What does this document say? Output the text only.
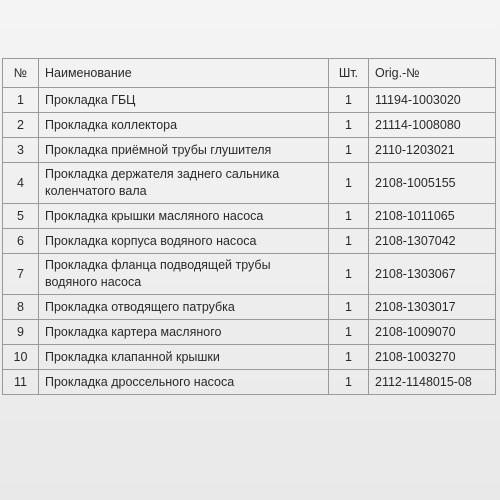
№	Наименование	Шт.	Orig.-№
1	Прокладка ГБЦ	1	11194-1003020
2	Прокладка коллектора	1	21114-1008080
3	Прокладка приёмной трубы глушителя	1	2110-1203021
4	Прокладка держателя заднего сальника коленчатого вала	1	2108-1005155
5	Прокладка крышки масляного насоса	1	2108-1011065
6	Прокладка корпуса водяного насоса	1	2108-1307042
7	Прокладка фланца подводящей трубы водяного насоса	1	2108-1303067
8	Прокладка отводящего патрубка	1	2108-1303017
9	Прокладка картера масляного	1	2108-1009070
10	Прокладка клапанной крышки	1	2108-1003270
11	Прокладка дроссельного насоса	1	2112-1148015-08
